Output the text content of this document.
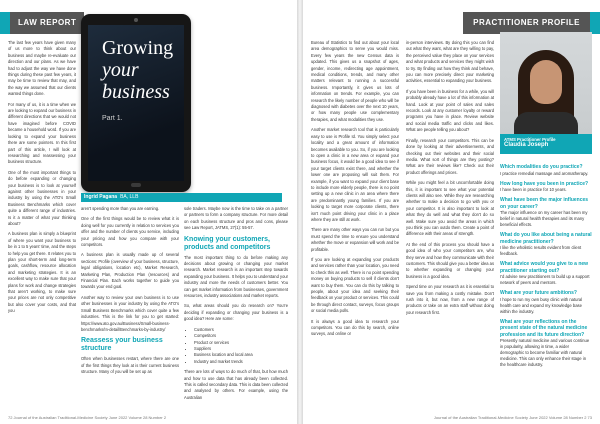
LAW REPORT
Growing
your
business
Part 1.
Ingrid Pagana BA, LLB

The last few years have given many of us more to think about our business and maybe re-evaluate our direction and our plans. As we have had to adjust the way we have done things during these past few years, it may be time to review that may, and the way we assumed that our clients wanted things done.

For many of us, it is a time when we are looking to expand our business in different directions that we would not have imagined before COVID became a household word. If you are looking to expand your business there are some pointers. In this first part of this article, I will look at researching and reassessing your business structure.

One of the most important things to do before expanding or changing your business is to look at yourself against other businesses in your industry by using the ATO's Small Business Benchmarks which cover quite a different range of industries. Is it a matter of what your thinking about?

A business plan is simply a blueprint of where you want your business to be in 1 to 5 years' time, and the steps to help you get there. It relates you to plan your short-term and long-term goals, cashflow, resource allocation and marketing strategies. It is an excellent way to make sure that your plans for work and change strategies that aren't working, to make sure your prices are not only competitive but also cover your costs, and that you

aren't spending more than you are earning.

One of the first things would be to review what it is doing well for you currently in relation to services you offer and the number of clients you service, including your pricing and how you compare with your competitors.

A business plan is usually made up of several sections: Profile (overview of your business, structure, legal obligations, location etc), Market Research, Marketing Plan, Production Plan (resources) and Financial Plan. Each works together to guide you towards your end goal.

Another way to review your own business is to use other businesses in your industry by using the ATO's Small Business Benchmarks which cover quite a few industries. This is the link for you to get started: https://www.ato.gov.au/Business/Small-business-benchmarks/In-detail/Benchmarks-by-industry/

Reassess your business structure

Often when businesses restart, where there are one of the first things they look at is their current business structure. Many of you will be set up as

sole traders. Maybe now is the time to take on a partner or partners to form a company structure. For more detail on each business structure and pros and cons, please see Law Report, JATMS, 27(1): 55-57.

Knowing your customers, products and competitors

The most important thing to do before making any decisions about growing or changing your market research. Market research is an important step towards expanding your business. It helps you to understand your industry and more the needs of customers better. You can get market information from businesses, government resources, industry associations and market reports.

So, what areas should you do research on? You're deciding if expanding or changing your business is a good idea? Here are some:

• Customers
• Competitors
• Product or services
• Suppliers
• Business location and local area
• Industry and market trends

There are lots of ways to do much of that, but how much and how to use data that has already been collected. This is called secondary data. This is data been collected and analysed by others. For example, using the Australian

72 Journal of the Australian Traditional-Medicine Society June 2022 Volume 28 Number 2
PRACTITIONER PROFILE

Bureau of Statistics to find out about your local area demographics to serve you would miss. Every few years the new Census data is updated. This gives us a snapshot of ages, gender, income, redirecting age appointment, medical conditions, trends, and many other matters relevant to running a successful business. Importantly, it gives us lots of information on trends. For example, you can research the likely number of people who will be diagnosed with diabetes over the next 10 years, or how many people use complementary therapies, and what modalities they use.

Another market research tool that is particularly easy to use is Profile Id. You simply select your locality and a great amount of information becomes available to you. So, if you are looking to open a clinic in a new area or expand your business focus, it would be a good idea to see if your target clients exist there, and whether the lower one are proposing will suit them. For example, if you want to expand your client base to include more elderly people, there is no point setting up a new clinic in an area where there are predominantly young families. If you are looking to target more corporate clients, there isn't much point driving your clinic in a place where they are still at work.

There are many other ways you can run but you must spend the time to ensure you understand whether the move or expansion will work and be profitable.

If you are looking at expanding your products and services rather than your location, you need to check this as well. There is no point spending money on buying products to sell if clients don't want to buy them. You can do this by talking to people, about your idea and seeking their feedback on your product or services. This could be through direct contact, surveys, focus groups or social media polls.

It is always a good idea to research your competitors. You can do this by search, online surveys, and online or

in-person interviews. By doing this you can find out what they want, what are they willing to pay, the perceived value they place on your services and what products and services they might wish to try. By finding out how they think and behave, you can more precisely direct your marketing activities, essential to expanding your business.

If you have been in business for a while, you will probably already have a lot of this information at hand. Look at your point of sales and sales records. Look at any customer loyalty or reward programs you have in place. Review website and social media traffic and clicks and likes. What are people telling you about?

Finally, research your competitors. This can be done by looking at their advertisements, and checking out their websites and their social media. What sort of things are they posting? What are their reviews like? Check out their product offerings and prices.

While you might feel a bit uncomfortable doing this, it is important to see what your potential clients will also see. While they are researching whether to make a decision to go with you or your competitor. It is also important to look at what they do well and what they don't do so well. Make sure you avoid the areas in which you think you can outdo them. Create a point of difference with their areas of strength.

At the end of this process you should have a good idea of who your competitors are, who they serve and how they communicate with their customers. This should give you a better idea as to whether expanding or changing your business is a good idea.

Spend time on your research as it is essential to save you from making a costly mistake. Don't rush into it, but now, from a new range of products or take on an extra staff without doing your research first.

Journal of the Australian Traditional-Medicine Society June 2022 Volume 28 Number 2 73
ATMS Practitioner Profile
Claudia Joseph
Which modalities do you practice?

I practice remedial massage and aromatherapy.

How long have you been in practice?

I have been in practice for 10 years.

What have been the major influences on your career?

The major influence on my career has been my belief in natural health therapies and its many beneficial effects.

What do you like about being a natural medicine practitioner?

I like the wholistic results evident from client feedback.

What advice would you give to a new practitioner starting out?

I'd advise new practitioners to build up a support network of peers and mentors.

What are your future ambitions?

I hope to run my own busy clinic with natural health care and expand my knowledge base within the industry.

What are your reflections on the present state of the natural medicine profession and its future direction?

Presently natural medicine and various continue in popularity, allowing in time, a wider demographic to become familiar with natural medicine. This can only enhance their stage in the healthcare industry.
